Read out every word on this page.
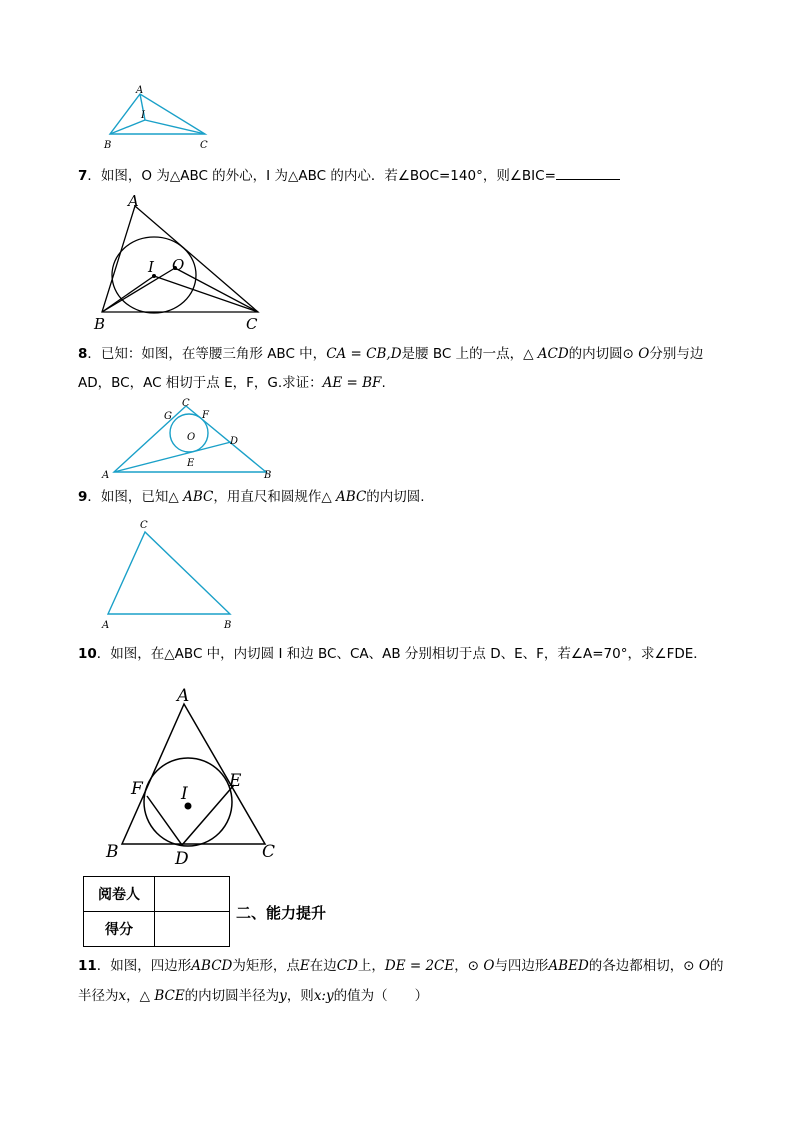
A
I
B	C
7．如图，O 为△ABC 的外心，I 为△ABC 的内心．若∠BOC=140°，则∠BIC=
A
I O
B	C
8．已知：如图，在等腰三角形 ABC 中，CA = CB,D是腰 BC 上的一点，△ ACD的内切圆⊙ O分别与边
AD，BC，AC 相切于点 E，F，G.求证：AE = BF.
C
G	F
O	D
E
A	B
9．如图，已知△ ABC，用直尺和圆规作△ ABC的内切圆.
C
A	B
10．如图，在△ABC 中，内切圆 I 和边 BC、CA、AB 分别相切于点 D、E、F，若∠A=70°，求∠FDE．
A
F	E
I
B	D	C
阅卷人	
得分	
二、能力提升
11．如图，四边形ABCD为矩形，点E在边CD上，DE = 2CE，⊙ O与四边形ABED的各边都相切，⊙ O的
半径为x，△ BCE的内切圆半径为y，则x:y的值为（　　）
